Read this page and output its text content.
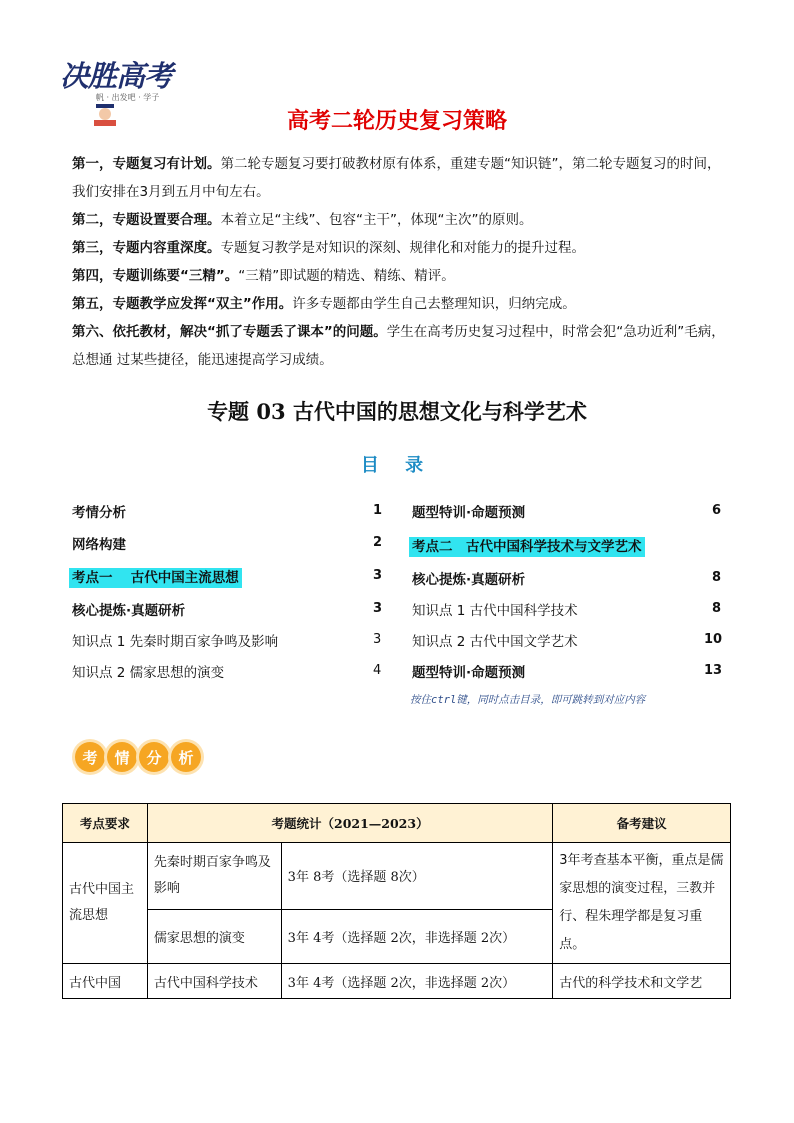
决胜高考
帆 · 出发吧 · 学子
高考二轮历史复习策略
第一，专题复习有计划。第二轮专题复习要打破教材原有体系，重建专题“知识链”，第二轮专题复习的时间，我们安排在3月到五月中旬左右。
第二，专题设置要合理。本着立足“主线”、包容“主干”，体现“主次”的原则。
第三，专题内容重深度。专题复习教学是对知识的深刻、规律化和对能力的提升过程。
第四，专题训练要“三精”。“三精”即试题的精选、精练、精评。
第五，专题教学应发挥“双主”作用。许多专题都由学生自己去整理知识，归纳完成。
第六、依托教材，解决“抓了专题丢了课本”的问题。学生在高考历史复习过程中，时常会犯“急功近利”毛病，总想通 过某些捷径，能迅速提高学习成绩。
专题 03 古代中国的思想文化与科学艺术
目 录
考情分析	1
网络构建	2
考点一　 古代中国主流思想	3
核心提炼·真题研析	3
知识点 1 先秦时期百家争鸣及影响	3
知识点 2 儒家思想的演变	4
题型特训·命题预测	6
考点二　古代中国科学技术与文学艺术
核心提炼·真题研析	8
知识点 1 古代中国科学技术	8
知识点 2 古代中国文学艺术	10
题型特训·命题预测	13
按住ctrl键，同时点击目录，即可跳转到对应内容
考	情	分	析
考点要求	考题统计（2021—2023）		备考建议
古代中国主流思想	先秦时期百家争鸣及影响	3年 8考（选择题 8次）	3年考查基本平衡，重点是儒家思想的演变过程，三教并行、程朱理学都是复习重点。
	儒家思想的演变	3年 4考（选择题 2次，非选择题 2次）	
古代中国	古代中国科学技术	3年 4考（选择题 2次，非选择题 2次）	古代的科学技术和文学艺
